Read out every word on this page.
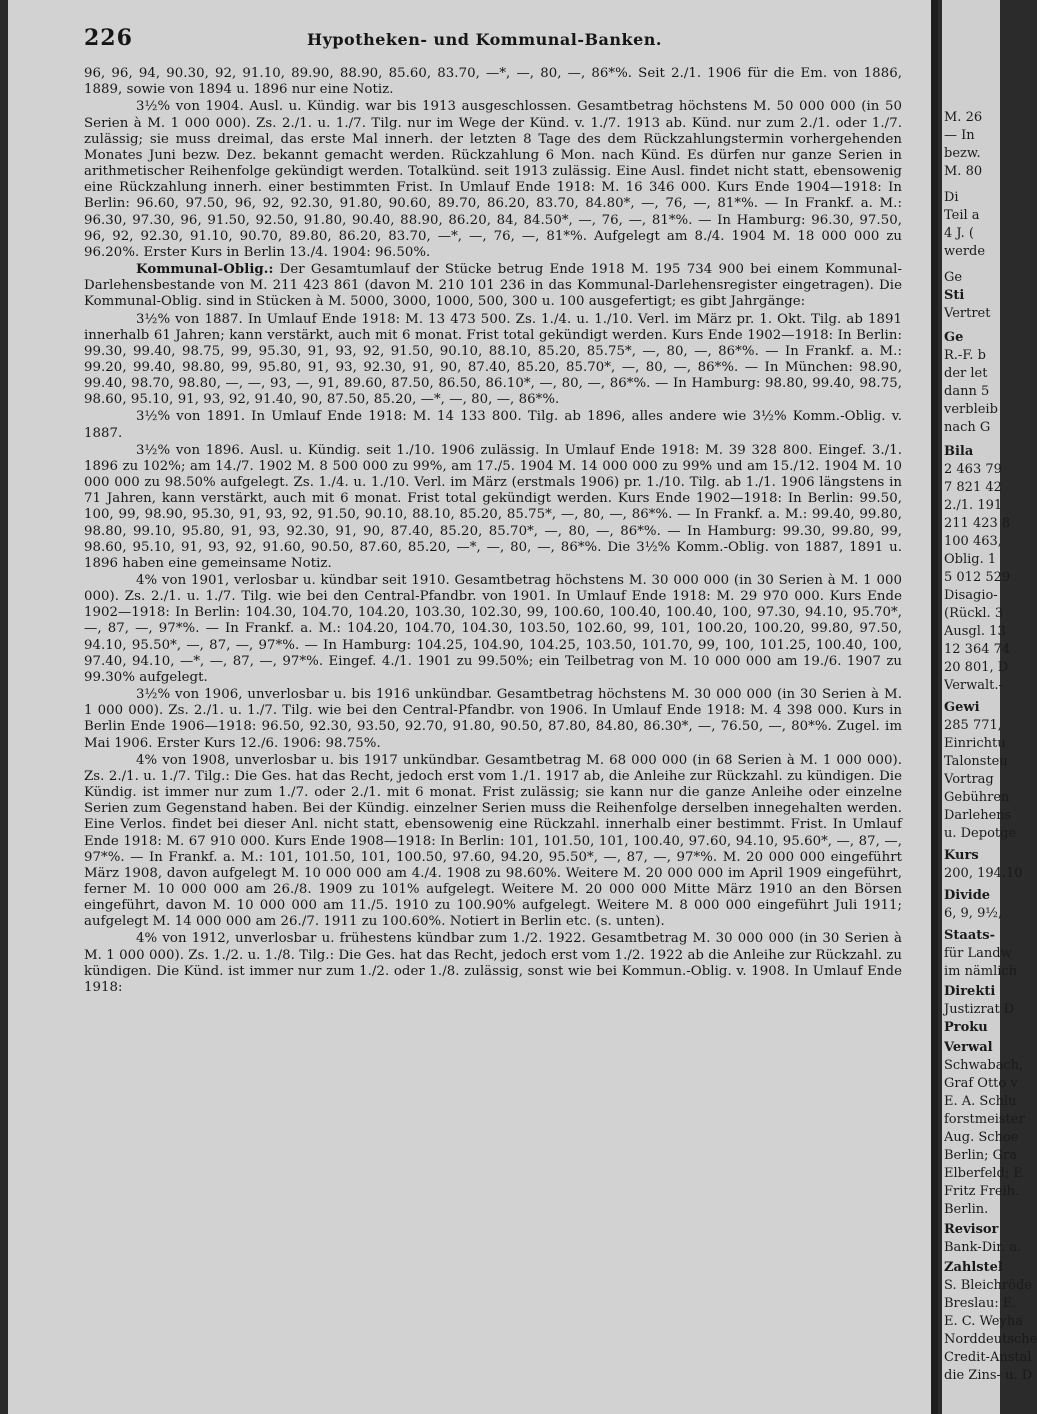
226	Hypotheken- und Kommunal-Banken.

96, 96, 94, 90.30, 92, 91.10, 89.90, 88.90, 85.60, 83.70, —*, —, 80, —, 86*%. Seit 2./1. 1906 für die Em. von 1886, 1889, sowie von 1894 u. 1896 nur eine Notiz.

3½% von 1904. Ausl. u. Kündig. war bis 1913 ausgeschlossen. Gesamtbetrag höchstens M. 50 000 000 (in 50 Serien à M. 1 000 000). Zs. 2./1. u. 1./7. Tilg. nur im Wege der Künd. v. 1./7. 1913 ab. Künd. nur zum 2./1. oder 1./7. zulässig; sie muss dreimal, das erste Mal innerh. der letzten 8 Tage des dem Rückzahlungstermin vorhergehenden Monates Juni bezw. Dez. bekannt gemacht werden. Rückzahlung 6 Mon. nach Künd. Es dürfen nur ganze Serien in arithmetischer Reihenfolge gekündigt werden. Totalkünd. seit 1913 zulässig. Eine Ausl. findet nicht statt, ebensowenig eine Rückzahlung innerh. einer bestimmten Frist. In Umlauf Ende 1918: M. 16 346 000. Kurs Ende 1904—1918: In Berlin: 96.60, 97.50, 96, 92, 92.30, 91.80, 90.60, 89.70, 86.20, 83.70, 84.80*, —, 76, —, 81*%. — In Frankf. a. M.: 96.30, 97.30, 96, 91.50, 92.50, 91.80, 90.40, 88.90, 86.20, 84, 84.50*, —, 76, —, 81*%. — In Hamburg: 96.30, 97.50, 96, 92, 92.30, 91.10, 90.70, 89.80, 86.20, 83.70, —*, —, 76, —, 81*%. Aufgelegt am 8./4. 1904 M. 18 000 000 zu 96.20%. Erster Kurs in Berlin 13./4. 1904: 96.50%.

Kommunal-Oblig.: Der Gesamtumlauf der Stücke betrug Ende 1918 M. 195 734 900 bei einem Kommunal-Darlehensbestande von M. 211 423 861 (davon M. 210 101 236 in das Kommunal-Darlehensregister eingetragen). Die Kommunal-Oblig. sind in Stücken à M. 5000, 3000, 1000, 500, 300 u. 100 ausgefertigt; es gibt Jahrgänge:

3½% von 1887. In Umlauf Ende 1918: M. 13 473 500. Zs. 1./4. u. 1./10. Verl. im März pr. 1. Okt. Tilg. ab 1891 innerhalb 61 Jahren; kann verstärkt, auch mit 6 monat. Frist total gekündigt werden. Kurs Ende 1902—1918: In Berlin: 99.30, 99.40, 98.75, 99, 95.30, 91, 93, 92, 91.50, 90.10, 88.10, 85.20, 85.75*, —, 80, —, 86*%. — In Frankf. a. M.: 99.20, 99.40, 98.80, 99, 95.80, 91, 93, 92.30, 91, 90, 87.40, 85.20, 85.70*, —, 80, —, 86*%. — In München: 98.90, 99.40, 98.70, 98.80, —, —, 93, —, 91, 89.60, 87.50, 86.50, 86.10*, —, 80, —, 86*%. — In Hamburg: 98.80, 99.40, 98.75, 98.60, 95.10, 91, 93, 92, 91.40, 90, 87.50, 85.20, —*, —, 80, —, 86*%.

3½% von 1891. In Umlauf Ende 1918: M. 14 133 800. Tilg. ab 1896, alles andere wie 3½% Komm.-Oblig. v. 1887.

3½% von 1896. Ausl. u. Kündig. seit 1./10. 1906 zulässig. In Umlauf Ende 1918: M. 39 328 800. Eingef. 3./1. 1896 zu 102%; am 14./7. 1902 M. 8 500 000 zu 99%, am 17./5. 1904 M. 14 000 000 zu 99% und am 15./12. 1904 M. 10 000 000 zu 98.50% aufgelegt. Zs. 1./4. u. 1./10. Verl. im März (erstmals 1906) pr. 1./10. Tilg. ab 1./1. 1906 längstens in 71 Jahren, kann verstärkt, auch mit 6 monat. Frist total gekündigt werden. Kurs Ende 1902—1918: In Berlin: 99.50, 100, 99, 98.90, 95.30, 91, 93, 92, 91.50, 90.10, 88.10, 85.20, 85.75*, —, 80, —, 86*%. — In Frankf. a. M.: 99.40, 99.80, 98.80, 99.10, 95.80, 91, 93, 92.30, 91, 90, 87.40, 85.20, 85.70*, —, 80, —, 86*%. — In Hamburg: 99.30, 99.80, 99, 98.60, 95.10, 91, 93, 92, 91.60, 90.50, 87.60, 85.20, —*, —, 80, —, 86*%. Die 3½% Komm.-Oblig. von 1887, 1891 u. 1896 haben eine gemeinsame Notiz.

4% von 1901, verlosbar u. kündbar seit 1910. Gesamtbetrag höchstens M. 30 000 000 (in 30 Serien à M. 1 000 000). Zs. 2./1. u. 1./7. Tilg. wie bei den Central-Pfandbr. von 1901. In Umlauf Ende 1918: M. 29 970 000. Kurs Ende 1902—1918: In Berlin: 104.30, 104.70, 104.20, 103.30, 102.30, 99, 100.60, 100.40, 100.40, 100, 97.30, 94.10, 95.70*, —, 87, —, 97*%. — In Frankf. a. M.: 104.20, 104.70, 104.30, 103.50, 102.60, 99, 101, 100.20, 100.20, 99.80, 97.50, 94.10, 95.50*, —, 87, —, 97*%. — In Hamburg: 104.25, 104.90, 104.25, 103.50, 101.70, 99, 100, 101.25, 100.40, 100, 97.40, 94.10, —*, —, 87, —, 97*%. Eingef. 4./1. 1901 zu 99.50%; ein Teilbetrag von M. 10 000 000 am 19./6. 1907 zu 99.30% aufgelegt.

3½% von 1906, unverlosbar u. bis 1916 unkündbar. Gesamtbetrag höchstens M. 30 000 000 (in 30 Serien à M. 1 000 000). Zs. 2./1. u. 1./7. Tilg. wie bei den Central-Pfandbr. von 1906. In Umlauf Ende 1918: M. 4 398 000. Kurs in Berlin Ende 1906—1918: 96.50, 92.30, 93.50, 92.70, 91.80, 90.50, 87.80, 84.80, 86.30*, —, 76.50, —, 80*%. Zugel. im Mai 1906. Erster Kurs 12./6. 1906: 98.75%.

4% von 1908, unverlosbar u. bis 1917 unkündbar. Gesamtbetrag M. 68 000 000 (in 68 Serien à M. 1 000 000). Zs. 2./1. u. 1./7. Tilg.: Die Ges. hat das Recht, jedoch erst vom 1./1. 1917 ab, die Anleihe zur Rückzahl. zu kündigen. Die Kündig. ist immer nur zum 1./7. oder 2./1. mit 6 monat. Frist zulässig; sie kann nur die ganze Anleihe oder einzelne Serien zum Gegenstand haben. Bei der Kündig. einzelner Serien muss die Reihenfolge derselben innegehalten werden. Eine Verlos. findet bei dieser Anl. nicht statt, ebensowenig eine Rückzahl. innerhalb einer bestimmt. Frist. In Umlauf Ende 1918: M. 67 910 000. Kurs Ende 1908—1918: In Berlin: 101, 101.50, 101, 100.40, 97.60, 94.10, 95.60*, —, 87, —, 97*%. — In Frankf. a. M.: 101, 101.50, 101, 100.50, 97.60, 94.20, 95.50*, —, 87, —, 97*%. M. 20 000 000 eingeführt März 1908, davon aufgelegt M. 10 000 000 am 4./4. 1908 zu 98.60%. Weitere M. 20 000 000 im April 1909 eingeführt, ferner M. 10 000 000 am 26./8. 1909 zu 101% aufgelegt. Weitere M. 20 000 000 Mitte März 1910 an den Börsen eingeführt, davon M. 10 000 000 am 11./5. 1910 zu 100.90% aufgelegt. Weitere M. 8 000 000 eingeführt Juli 1911; aufgelegt M. 14 000 000 am 26./7. 1911 zu 100.60%. Notiert in Berlin etc. (s. unten).

4% von 1912, unverlosbar u. frühestens kündbar zum 1./2. 1922. Gesamtbetrag M. 30 000 000 (in 30 Serien à M. 1 000 000). Zs. 1./2. u. 1./8. Tilg.: Die Ges. hat das Recht, jedoch erst vom 1./2. 1922 ab die Anleihe zur Rückzahl. zu kündigen. Die Künd. ist immer nur zum 1./2. oder 1./8. zulässig, sonst wie bei Kommun.-Oblig. v. 1908. In Umlauf Ende 1918:

M. 26
— In
bezw.
M. 80
Di
Teil a
4 J. (
werde
Ge
Sti
Vertret
Ge
R.-F. b
der let
dann 5
verbleib
nach G
Bila
2 463 79
7 821 42
2./1. 191
211 423 8
100 463,
Oblig. 1
5 012 529
Disagio-
(Rückl. 3
Ausgl. 13
12 364 74
20 801, D
Verwalt.-
Gewi
285 771,
Einrichtu
Talonsteu
Vortrag
Gebühren
Darlehens
u. Depotge
Kurs
200, 194.10
Divide
6, 9, 9½,
Staats-
für Landw
im nämlich
Direkti
Justizrat D
Proku
Verwal
Schwabach,
Graf Otto v
E. A. Schlu
forstmeister
Aug. Schoe
Berlin; Gra
Elberfeld; E
Fritz Freih.
Berlin.
Revisor
Bank-Dir. a.
Zahlstel
S. Bleichröde
Breslau: E.
E. C. Weyha
Norddeutsche
Credit-Anstal
die Zins- u. D
